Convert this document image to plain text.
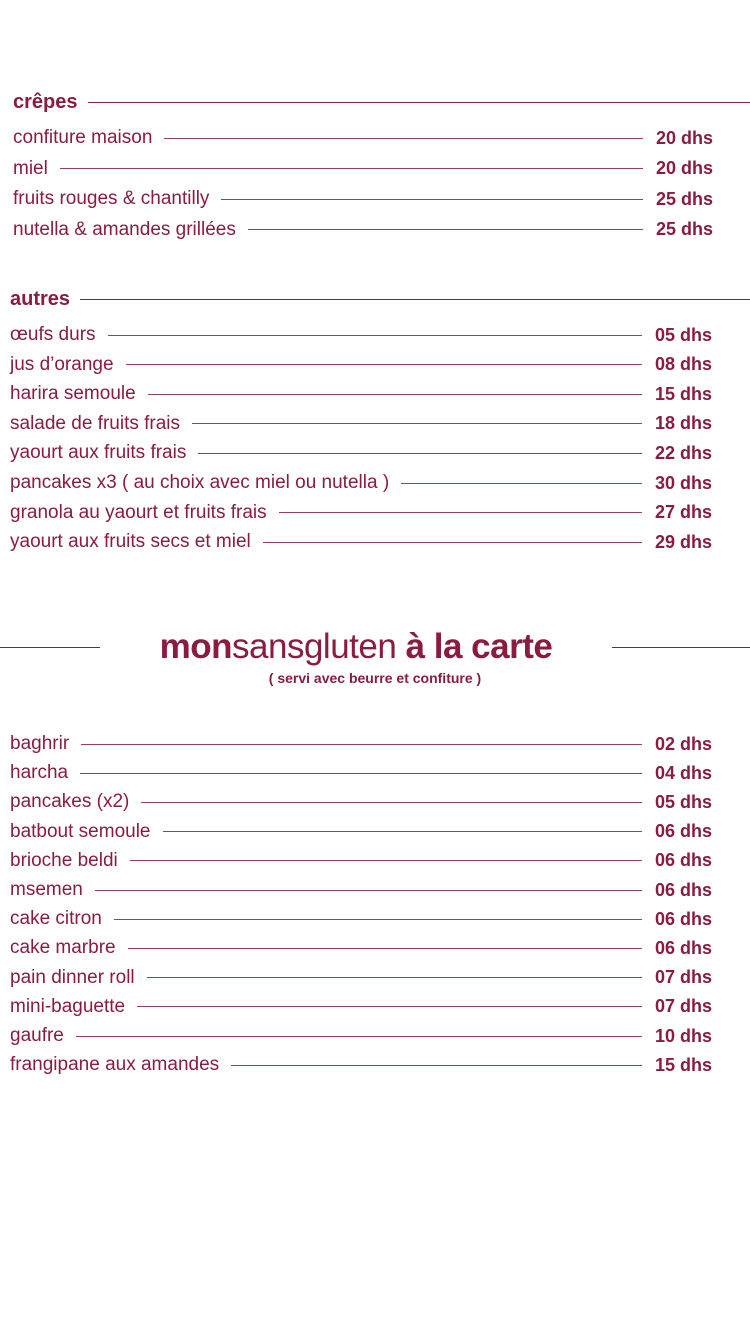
crêpes
confiture maison	20 dhs
miel	20 dhs
fruits rouges & chantilly	25 dhs
nutella & amandes grillées	25 dhs
autres
œufs durs	05 dhs
jus d’orange	08 dhs
harira semoule	15 dhs
salade de fruits frais	18 dhs
yaourt aux fruits frais	22 dhs
pancakes x3 ( au choix avec miel ou nutella )	30 dhs
granola au yaourt et fruits frais	27 dhs
yaourt aux fruits secs et miel	29 dhs
monsansgluten à la carte
( servi avec beurre et confiture )
baghrir	02 dhs
harcha	04 dhs
pancakes (x2)	05 dhs
batbout semoule	06 dhs
brioche beldi	06 dhs
msemen	06 dhs
cake citron	06 dhs
cake marbre	06 dhs
pain dinner roll	07 dhs
mini-baguette	07 dhs
gaufre	10 dhs
frangipane aux amandes	15 dhs
